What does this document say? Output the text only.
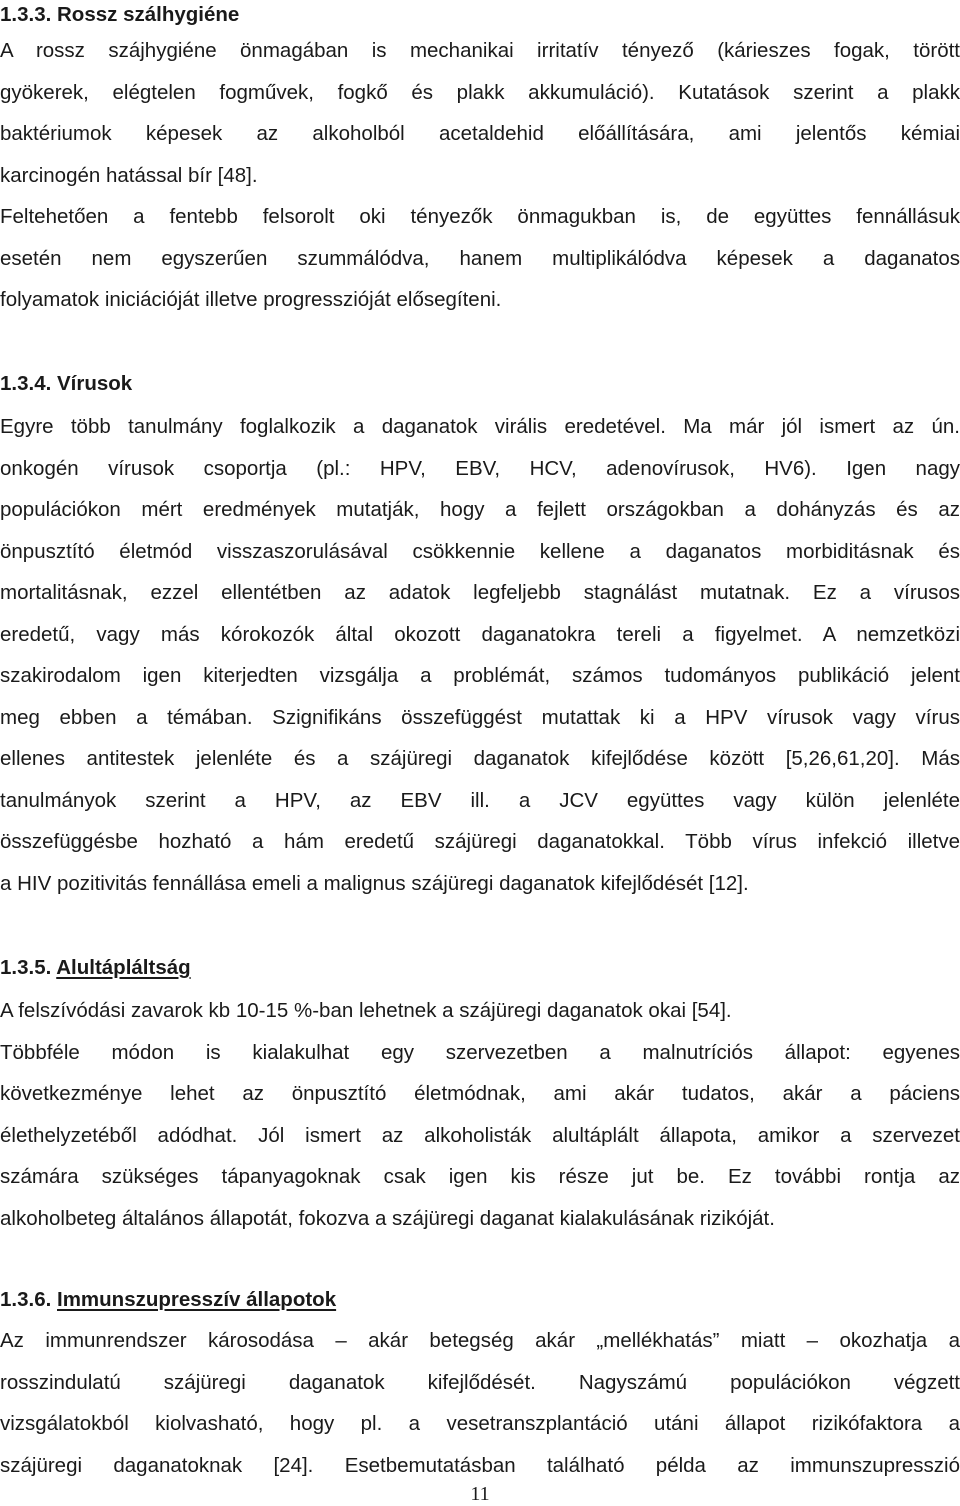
1.3.3. Rossz szálhygiéne
A rossz szájhygiéne önmagában is mechanikai irritatív tényező (kárieszes fogak, törött
gyökerek, elégtelen fogművek, fogkő és plakk akkumuláció). Kutatások szerint a plakk
baktériumok képesek az alkoholból acetaldehid előállítására, ami jelentős kémiai
karcinogén hatással bír [48].
Feltehetően a fentebb felsorolt oki tényezők önmagukban is, de együttes fennállásuk
esetén nem egyszerűen szummálódva, hanem multiplikálódva képesek a daganatos
folyamatok iniciációját illetve progresszióját elősegíteni.
1.3.4. Vírusok
Egyre több tanulmány foglalkozik a daganatok virális eredetével. Ma már jól ismert az ún.
onkogén vírusok csoportja (pl.: HPV, EBV, HCV, adenovírusok, HV6). Igen nagy
populációkon mért eredmények mutatják, hogy a fejlett országokban a dohányzás és az
önpusztító életmód visszaszorulásával csökkennie kellene a daganatos morbiditásnak és
mortalitásnak, ezzel ellentétben az adatok legfeljebb stagnálást mutatnak. Ez a vírusos
eredetű, vagy más kórokozók által okozott daganatokra tereli a figyelmet. A nemzetközi
szakirodalom igen kiterjedten vizsgálja a problémát, számos tudományos publikáció jelent
meg ebben a témában. Szignifikáns összefüggést mutattak ki a HPV vírusok vagy vírus
ellenes antitestek jelenléte és a szájüregi daganatok kifejlődése között [5,26,61,20]. Más
tanulmányok szerint a HPV, az EBV ill. a JCV együttes vagy külön jelenléte
összefüggésbe hozható a hám eredetű szájüregi daganatokkal. Több vírus infekció illetve
a HIV pozitivitás fennállása emeli a malignus szájüregi daganatok kifejlődését [12].
1.3.5. Alultápláltság
A felszívódási zavarok kb 10-15 %-ban lehetnek a szájüregi daganatok okai [54].
Többféle módon is kialakulhat egy szervezetben a malnutríciós állapot: egyenes
következménye lehet az önpusztító életmódnak, ami akár tudatos, akár a páciens
élethelyzetéből adódhat. Jól ismert az alkoholisták alultáplált állapota, amikor a szervezet
számára szükséges tápanyagoknak csak igen kis része jut be. Ez további rontja az
alkoholbeteg általános állapotát, fokozva a szájüregi daganat kialakulásának rizikóját.
1.3.6. Immunszupresszív állapotok
Az immunrendszer károsodása – akár betegség akár „mellékhatás” miatt – okozhatja a
rosszindulatú szájüregi daganatok kifejlődését. Nagyszámú populációkon végzett
vizsgálatokból kiolvasható, hogy pl. a vesetranszplantáció utáni állapot rizikófaktora a
szájüregi daganatoknak [24]. Esetbemutatásban található példa az immunszupresszió
11
